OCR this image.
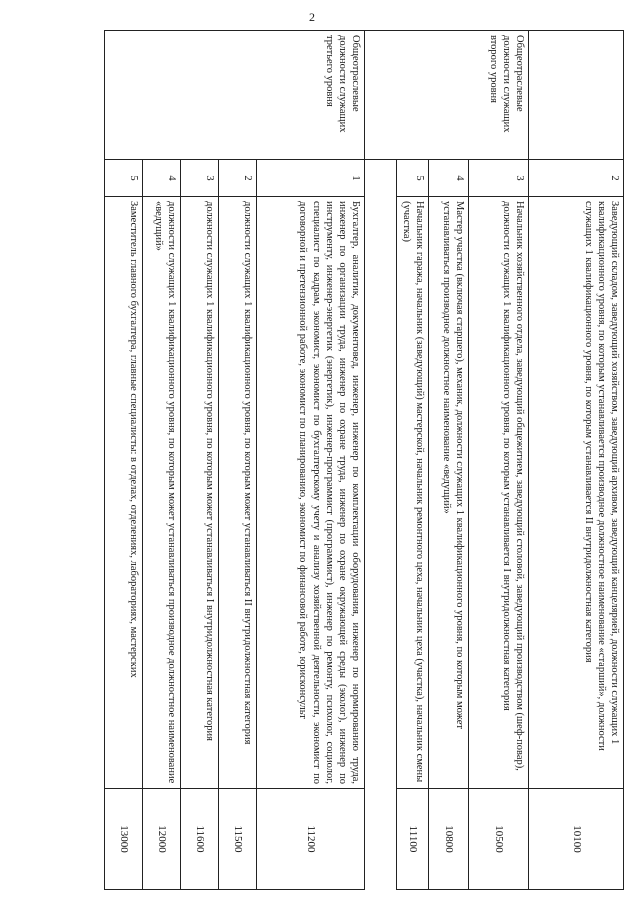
2
	2	Заведующий складом, заведующий хозяйством, заведующий архивом, заведующий канцелярией, должности служащих 1 квалификационного уровня, по которым устанавливается производное должностное наименование «старший», должности служащих 1 квалификационного уровня, по которым устанавливается II внутридолжностная категория	10100
Общеотраслевые должности служащих второго уровня	3	Начальник хозяйственного отдела, заведующий общежитием, заведующий столовой, заведующий производством (шеф-повар), должности служащих 1 квалификационного уровня, по которым устанавливается I внутридолжностная категория	10500
	4	Мастер участка (включая старшего), механик, должности служащих 1 квалификационного уровня, по которым может устанавливаться производное должностное наименование «ведущий»	10800
	5	Начальник гаража, начальник (заведующий) мастерской, начальник ремонтного цеха, начальник цеха (участка), начальник смены (участка)	11100

Общеотраслевые должности служащих третьего уровня	1	Бухгалтер, аналитик, документовед, инженер, инженер по комплектации оборудования, инженер по нормированию труда, инженер по организации труда, инженер по охране труда, инженер по охране окружающей среды (эколог), инженер по инструменту, инженер-энергетик (энергетик), инженер-программист (программист), инженер по ремонту, психолог, социолог, специалист по кадрам, экономист, экономист по бухгалтерскому учету и анализу хозяйственной деятельности, экономист по договорной и претензионной работе, экономист по планированию, экономист по финансовой работе, юрисконсульт	11200
	2	должности служащих 1 квалификационного уровня, по которым может устанавливаться II внутридолжностная категория	11500
	3	должности служащих 1 квалификационного уровня, по которым может устанавливаться I внутридолжностная категория	11600
	4	должности служащих 1 квалификационного уровня, по которым может устанавливаться производное должностное наименование «ведущий»	12000
	5	Заместитель главного бухгалтера, главные специалисты: в отделах, отделениях, лабораториях, мастерских	13000
